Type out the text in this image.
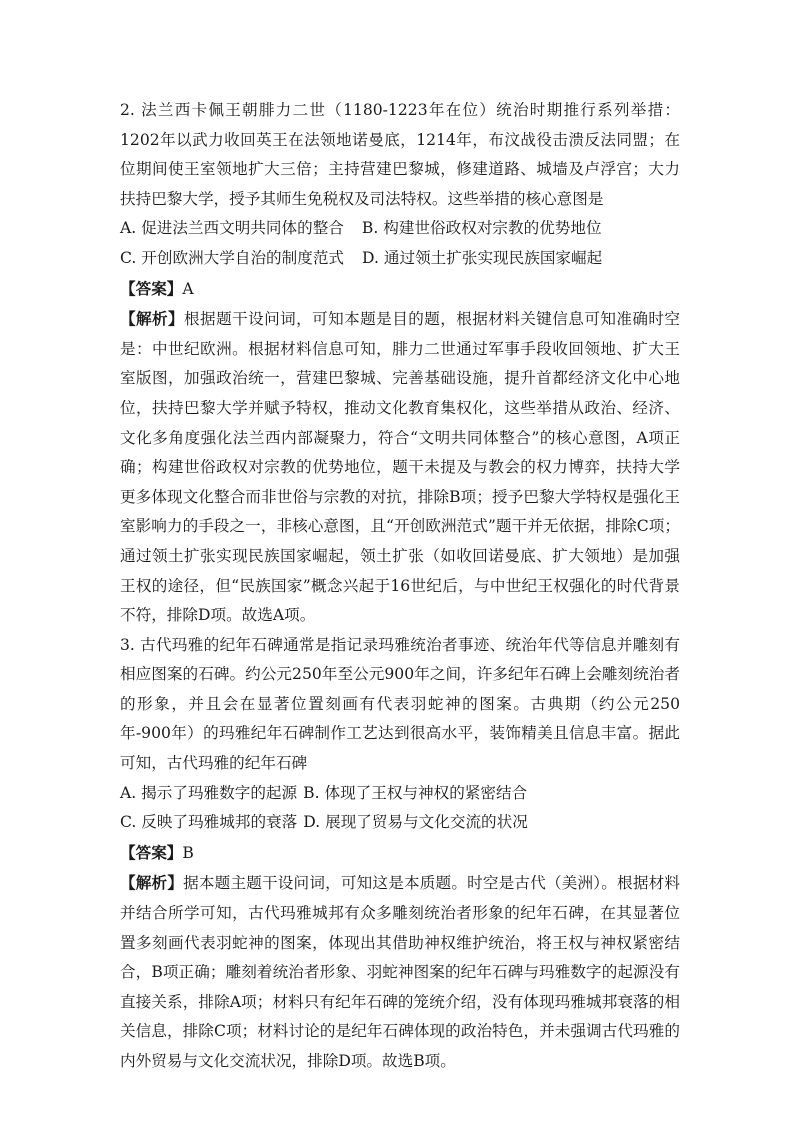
2. 法兰西卡佩王朝腓力二世（1180-1223年在位）统治时期推行系列举措：1202年以武力收回英王在法领地诺曼底，1214年，布汶战役击溃反法同盟；在位期间使王室领地扩大三倍；主持营建巴黎城，修建道路、城墙及卢浮宫；大力扶持巴黎大学，授予其师生免税权及司法特权。这些举措的核心意图是

A. 促进法兰西文明共同体的整合 B. 构建世俗政权对宗教的优势地位

C. 开创欧洲大学自治的制度范式 D. 通过领土扩张实现民族国家崛起

【答案】A

【解析】根据题干设问词，可知本题是目的题，根据材料关键信息可知准确时空是：中世纪欧洲。根据材料信息可知，腓力二世通过军事手段收回领地、扩大王室版图，加强政治统一，营建巴黎城、完善基础设施，提升首都经济文化中心地位，扶持巴黎大学并赋予特权，推动文化教育集权化，这些举措从政治、经济、文化多角度强化法兰西内部凝聚力，符合“文明共同体整合”的核心意图，A项正确；构建世俗政权对宗教的优势地位，题干未提及与教会的权力博弈，扶持大学更多体现文化整合而非世俗与宗教的对抗，排除B项；授予巴黎大学特权是强化王室影响力的手段之一，非核心意图，且“开创欧洲范式”题干并无依据，排除C项；通过领土扩张实现民族国家崛起，领土扩张（如收回诺曼底、扩大领地）是加强王权的途径，但“民族国家”概念兴起于16世纪后，与中世纪王权强化的时代背景不符，排除D项。故选A项。

3. 古代玛雅的纪年石碑通常是指记录玛雅统治者事迹、统治年代等信息并雕刻有相应图案的石碑。约公元250年至公元900年之间，许多纪年石碑上会雕刻统治者的形象，并且会在显著位置刻画有代表羽蛇神的图案。古典期（约公元250年-900年）的玛雅纪年石碑制作工艺达到很高水平，装饰精美且信息丰富。据此可知，古代玛雅的纪年石碑

A. 揭示了玛雅数字的起源 B. 体现了王权与神权的紧密结合

C. 反映了玛雅城邦的衰落 D. 展现了贸易与文化交流的状况

【答案】B

【解析】据本题主题干设问词，可知这是本质题。时空是古代（美洲）。根据材料并结合所学可知，古代玛雅城邦有众多雕刻统治者形象的纪年石碑，在其显著位置多刻画代表羽蛇神的图案，体现出其借助神权维护统治，将王权与神权紧密结合，B项正确；雕刻着统治者形象、羽蛇神图案的纪年石碑与玛雅数字的起源没有直接关系，排除A项；材料只有纪年石碑的笼统介绍，没有体现玛雅城邦衰落的相关信息，排除C项；材料讨论的是纪年石碑体现的政治特色，并未强调古代玛雅的内外贸易与文化交流状况，排除D项。故选B项。
